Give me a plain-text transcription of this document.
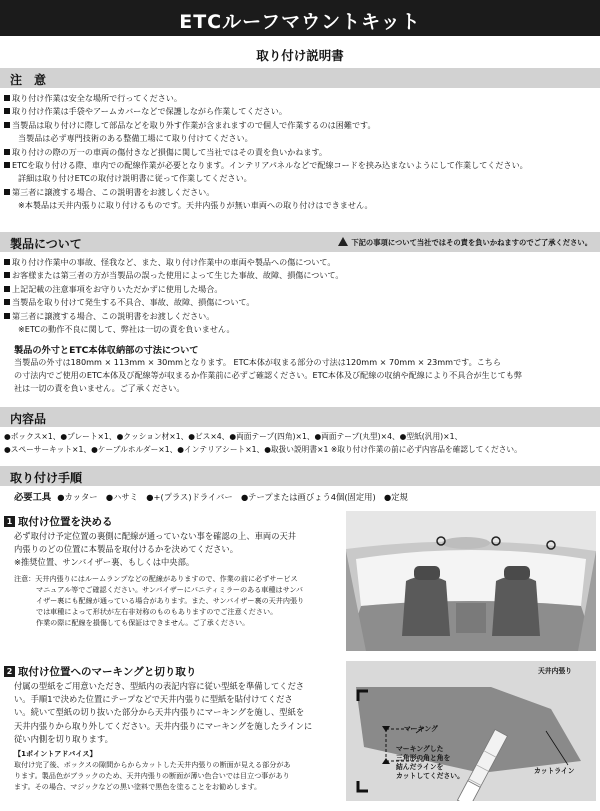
ETCルーフマウントキット
取り付け説明書
注　意
取り付け作業は安全な場所で行ってください。
取り付け作業は手袋やアームカバーなどで保護しながら作業してください。
当製品は取り付けに際して部品などを取り外す作業が含まれますので個人で作業するのは困難です。
当製品は必ず専門技術のある整備工場にて取り付けてください。
取り付けの際の万一の車両の傷付きなど損傷に関して当社ではその責を負いかねます。
ETCを取り付ける際、車内での配線作業が必要となります。インテリアパネルなどで配線コードを挟み込まないようにして作業してください。
詳細は取り付けETCの取付け説明書に従って作業してください。
第三者に譲渡する場合、この説明書をお渡しください。
※本製品は天井内張りに取り付けるものです。天井内張りが無い車両への取り付けはできません。
製品について	下記の事項について当社ではその責を負いかねますのでご了承ください。
取り付け作業中の事故、怪我など、また、取り付け作業中の車両や製品への傷について。
お客様または第三者の方が当製品の誤った使用によって生じた事故、故障、損傷について。
上記記載の注意事項をお守りいただかずに使用した場合。
当製品を取り付けて発生する不具合、事故、故障、損傷について。
第三者に譲渡する場合、この説明書をお渡しください。
※ETCの動作不良に関して、弊社は一切の責を負いません。
製品の外寸とETC本体収納部の寸法について
当製品の外寸は180mm × 113mm × 30mmとなります。 ETC本体が収まる部分の寸法は120mm × 70mm × 23mmです。こちら
の寸法内でご使用のETC本体及び配線等が収まるか作業前に必ずご確認ください。ETC本体及び配線の収納や配線により不具合が生じても弊
社は一切の責を負いません。ご了承ください。
内容品
●ボックス×1、●プレート×1、●クッション材×1、●ビス×4、●両面テープ(四角)×1、●両面テープ(丸型)×4、●型紙(汎用)×1、
●スペーサーキット×1、●ケーブルホルダー×1、●インテリアシート×1、●取扱い説明書×1 ※取り付け作業の前に必ず内容品を確認してください。
取り付け手順
必要工具 ●カッター　●ハサミ　●+(プラス)ドライバー　●テープまたは画びょう4個(固定用)　●定規
1 取付け位置を決める
必ず取付け予定位置の裏側に配線が通っていない事を確認の上、車両の天井
内張りのどの位置に本製品を取付けるかを決めてください。
※推奨位置、サンバイザー裏、もしくは中央部。
注意：天井内張りにはルームランプなどの配線がありますので、作業の前に必ずサービス
マニュアル等でご確認ください。サンバイザーにバニティミラーのある車種はサンバ
イザー裏にも配線が通っている場合があります。また、サンバイザー裏の天井内張り
では車種によって形状が左右非対称のものもありますのでご注意ください。
作業の際に配線を損傷しても保証はできません。ご了承ください。
2 取付け位置へのマーキングと切り取り
付属の型紙をご用意いただき、型紙内の表記内容に従い型紙を準備してくださ
い。手順1で決めた位置にテープなどで天井内張りに型紙を貼付けてくださ
い。続いて型紙の切り抜いた部分から天井内張りにマーキングを施し、型紙を
天井内張りから取り外してください。天井内張りにマーキングを施したラインに
従い内側を切り取ります。
【1ポイントアドバイス】
取付け完了後、ボックスの隙間からからカットした天井内張りの断面が見える部分があ
ります。製品色がブラックのため、天井内張りの断面が薄い色合いでは目立つ事があり
ます。その場合、マジックなどの黒い塗料で黒色を塗ることをお勧めします。
天井内張り
マーキング
マーキングした
三角形の角と角を
結んだラインを
カットしてください。
カットライン
